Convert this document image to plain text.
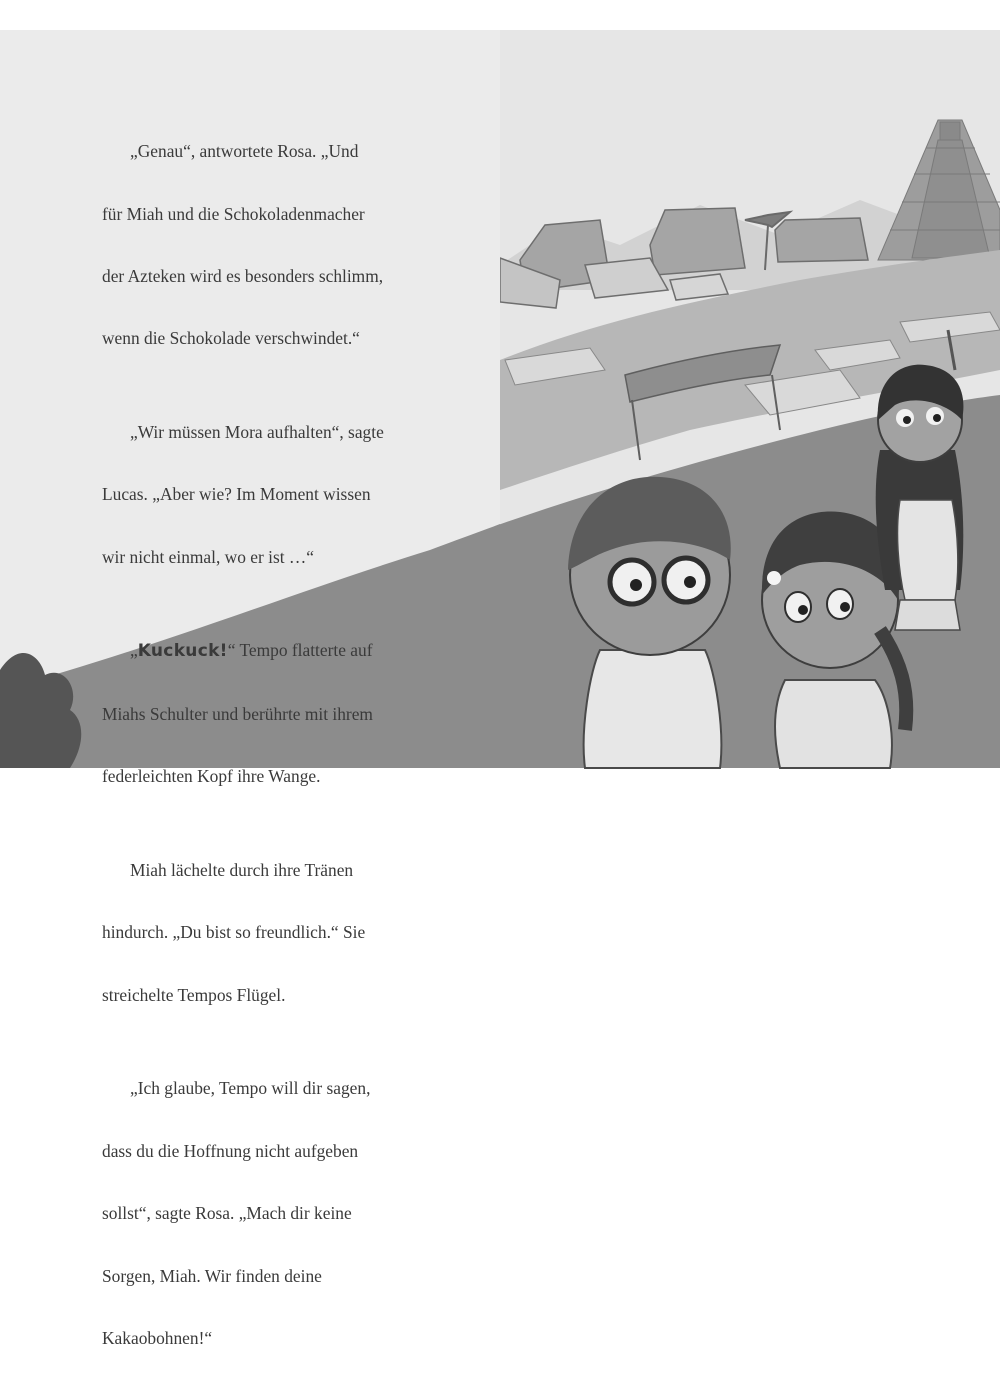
„Genau“, antwortete Rosa. „Und

für Miah und die Schokoladenmacher

der Azteken wird es besonders schlimm,

wenn die Schokolade verschwindet.“

„Wir müssen Mora aufhalten“, sagte

Lucas. „Aber wie? Im Moment wissen

wir nicht einmal, wo er ist …“

„Kuckuck!“ Tempo flatterte auf

Miahs Schulter und berührte mit ihrem

federleichten Kopf ihre Wange.

Miah lächelte durch ihre Tränen

hindurch. „Du bist so freundlich.“ Sie

streichelte Tempos Flügel.

„Ich glaube, Tempo will dir sagen,

dass du die Hoffnung nicht aufgeben

sollst“, sagte Rosa. „Mach dir keine

Sorgen, Miah. Wir finden deine

Kakaobohnen!“
